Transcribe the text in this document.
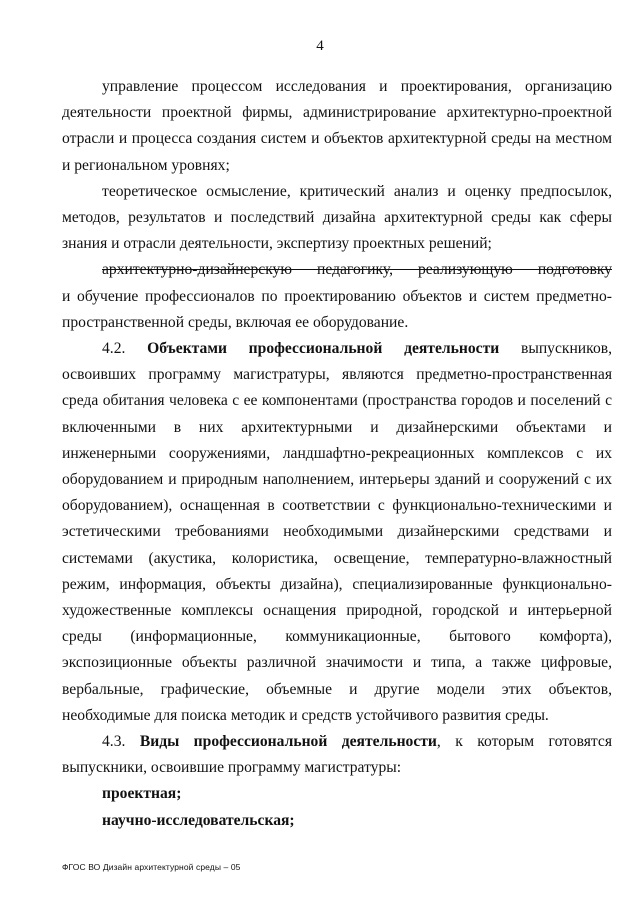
4

управление процессом исследования и проектирования, организацию деятельности проектной фирмы, администрирование архитектурно-проектной отрасли и процесса создания систем и объектов архитектурной среды на местном и региональном уровнях;

теоретическое осмысление, критический анализ и оценку предпосылок, методов, результатов и последствий дизайна архитектурной среды как сферы знания и отрасли деятельности, экспертизу проектных решений;

архитектурно-дизайнерскую педагогику, реализующую подготовку

и обучение профессионалов по проектированию объектов и систем предметно-пространственной среды, включая ее оборудование.

4.2. Объектами профессиональной деятельности выпускников, освоивших программу магистратуры, являются предметно-пространственная среда обитания человека с ее компонентами (пространства городов и поселений с включенными в них архитектурными и дизайнерскими объектами и инженерными сооружениями, ландшафтно-рекреационных комплексов с их оборудованием и природным наполнением, интерьеры зданий и сооружений с их оборудованием), оснащенная в соответствии с функционально-техническими и эстетическими требованиями необходимыми дизайнерскими средствами и системами (акустика, колористика, освещение, температурно-влажностный режим, информация, объекты дизайна), специализированные функционально-художественные комплексы оснащения природной, городской и интерьерной среды (информационные, коммуникационные, бытового комфорта), экспозиционные объекты различной значимости и типа, а также цифровые, вербальные, графические, объемные и другие модели этих объектов, необходимые для поиска методик и средств устойчивого развития среды.

4.3. Виды профессиональной деятельности, к которым готовятся выпускники, освоившие программу магистратуры:

проектная;

научно-исследовательская;

ФГОС ВО Дизайн архитектурной среды – 05
